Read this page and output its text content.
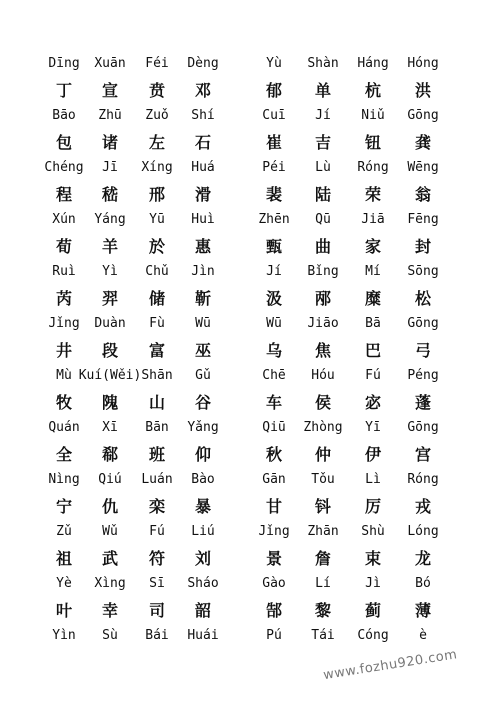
Dīng	Xuān	Féi	Dèng	Yù	Shàn	Háng	Hóng
丁	宣	贲	邓	郁	单	杭	洪
Bāo	Zhū	Zuǒ	Shí	Cuī	Jí	Niǔ	Gōng
包	诸	左	石	崔	吉	钮	龚
Chéng	Jī	Xíng	Huá	Péi	Lù	Róng	Wēng
程	嵇	邢	滑	裴	陆	荣	翁
Xún	Yáng	Yū	Huì	Zhēn	Qū	Jiā	Fēng
荀	羊	於	惠	甄	曲	家	封
Ruì	Yì	Chǔ	Jìn	Jí	Bǐng	Mí	Sōng
芮	羿	储	靳	汲	邴	糜	松
Jǐng	Duàn	Fù	Wū	Wū	Jiāo	Bā	Gōng
井	段	富	巫	乌	焦	巴	弓
Mù Kuí(Wěi) Shān	Gǔ	Chē	Hóu	Fú	Péng
牧	隗	山	谷	车	侯	宓	蓬
Quán	Xī	Bān	Yǎng	Qiū	Zhòng	Yī	Gōng
全	郗	班	仰	秋	仲	伊	宫
Nìng	Qiú	Luán	Bào	Gān	Tǒu	Lì	Róng
宁	仇	栾	暴	甘	钭	厉	戎
Zǔ	Wǔ	Fú	Liú	Jǐng	Zhān	Shù	Lóng
祖	武	符	刘	景	詹	束	龙
Yè	Xìng	Sī	Sháo	Gào	Lí	Jì	Bó
叶	幸	司	韶	郜	黎	蓟	薄
Yìn	Sù	Bái	Huái	Pú	Tái	Cóng	è
www.fozhu920.com
